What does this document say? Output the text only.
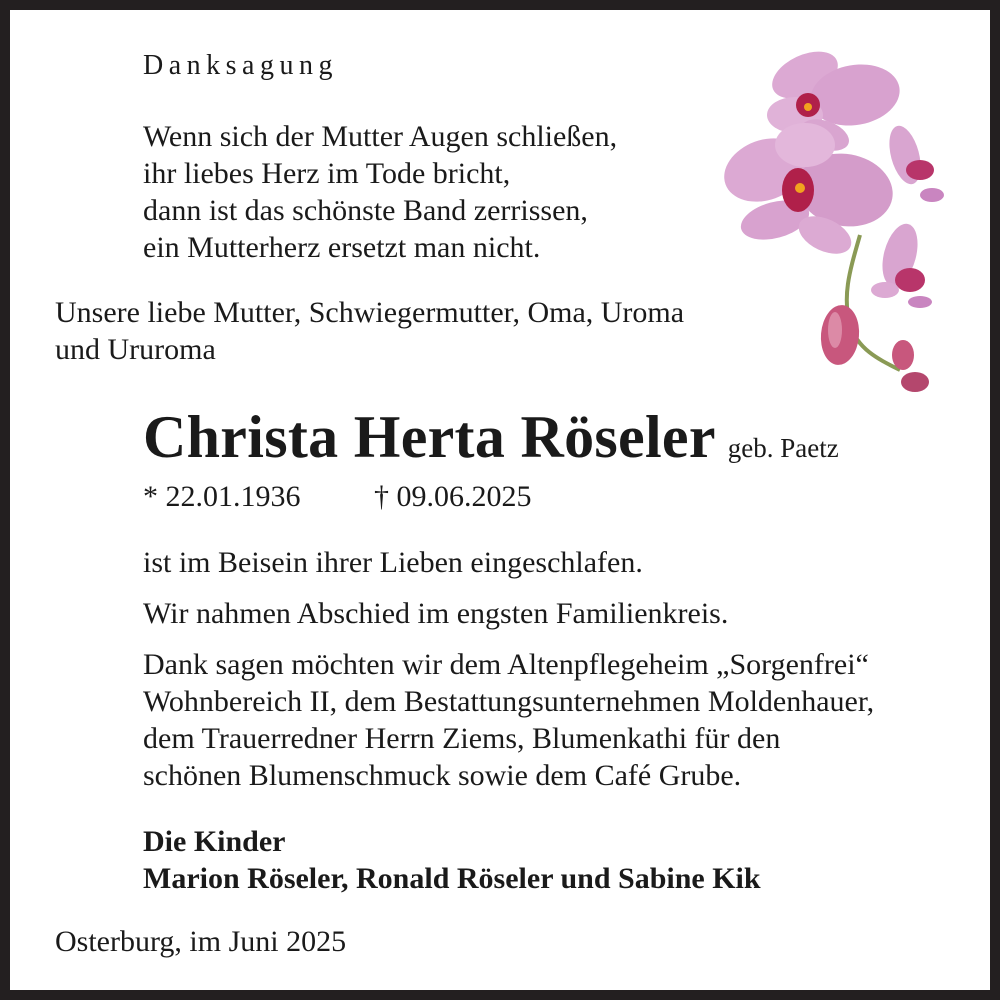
Danksagung
Wenn sich der Mutter Augen schließen,
ihr liebes Herz im Tode bricht,
dann ist das schönste Band zerrissen,
ein Mutterherz ersetzt man nicht.
Unsere liebe Mutter, Schwiegermutter, Oma, Uroma
und Ururoma
Christa Herta Röseler geb. Paetz
* 22.01.1936 † 09.06.2025
ist im Beisein ihrer Lieben eingeschlafen.
Wir nahmen Abschied im engsten Familienkreis.
Dank sagen möchten wir dem Altenpflegeheim „Sorgenfrei“
Wohnbereich II, dem Bestattungsunternehmen Moldenhauer,
dem Trauerredner Herrn Ziems, Blumenkathi für den
schönen Blumenschmuck sowie dem Café Grube.
Die Kinder
Marion Röseler, Ronald Röseler und Sabine Kik
Osterburg, im Juni 2025
